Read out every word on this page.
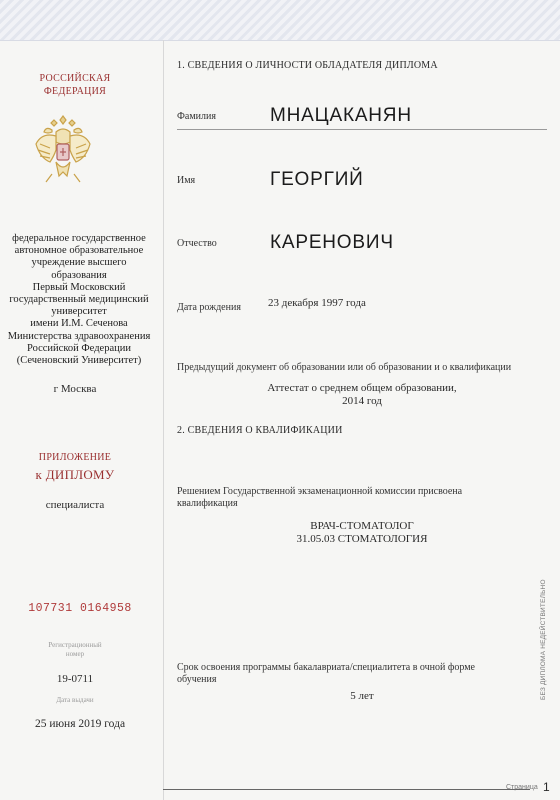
РОССИЙСКАЯ
ФЕДЕРАЦИЯ
федеральное государственное
автономное образовательное
учреждение высшего
образования
Первый Московский
государственный медицинский
университет
имени И.М. Сеченова
Министерства здравоохранения
Российской Федерации
(Сеченовский Университет)
г Москва
ПРИЛОЖЕНИЕ
к ДИПЛОМУ
специалиста
107731 0164958
Регистрационный
номер
19-0711
Дата выдачи
25 июня 2019 года
1. СВЕДЕНИЯ О ЛИЧНОСТИ ОБЛАДАТЕЛЯ ДИПЛОМА
Фамилия	МНАЦАКАНЯН
Имя	ГЕОРГИЙ
Отчество	КАРЕНОВИЧ
Дата рождения 23 декабря 1997 года
Предыдущий документ об образовании или об образовании и о квалификации
Аттестат о среднем общем образовании,
2014 год
2. СВЕДЕНИЯ О КВАЛИФИКАЦИИ
Решением Государственной экзаменационной комиссии присвоена
квалификация
ВРАЧ-СТОМАТОЛОГ
31.05.03 СТОМАТОЛОГИЯ
Срок освоения программы бакалавриата/специалитета в очной форме
обучения
5 лет	БЕЗ ДИПЛОМА НЕДЕЙСТВИТЕЛЬНО
Страница 1
